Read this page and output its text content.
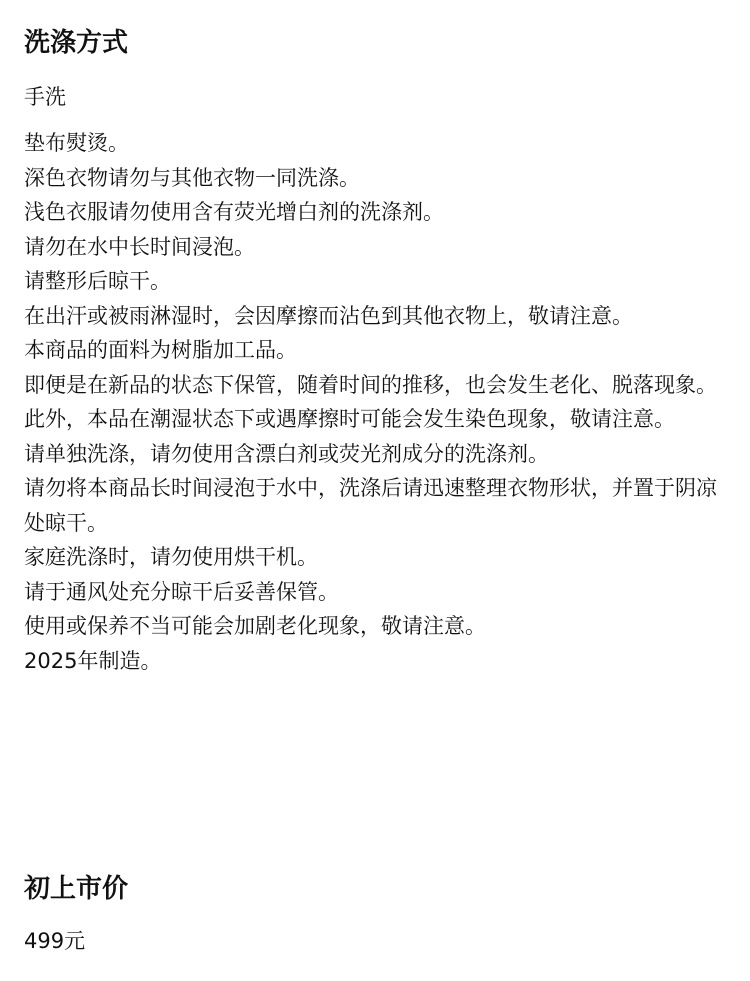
洗涤方式
手洗
垫布熨烫。
深色衣物请勿与其他衣物一同洗涤。
浅色衣服请勿使用含有荧光增白剂的洗涤剂。
请勿在水中长时间浸泡。
请整形后晾干。
在出汗或被雨淋湿时，会因摩擦而沾色到其他衣物上，敬请注意。
本商品的面料为树脂加工品。
即便是在新品的状态下保管，随着时间的推移，也会发生老化、脱落现象。
此外，本品在潮湿状态下或遇摩擦时可能会发生染色现象，敬请注意。
请单独洗涤，请勿使用含漂白剂或荧光剂成分的洗涤剂。
请勿将本商品长时间浸泡于水中，洗涤后请迅速整理衣物形状，并置于阴凉处晾干。
家庭洗涤时，请勿使用烘干机。
请于通风处充分晾干后妥善保管。
使用或保养不当可能会加剧老化现象，敬请注意。
2025年制造。
初上市价
499元
